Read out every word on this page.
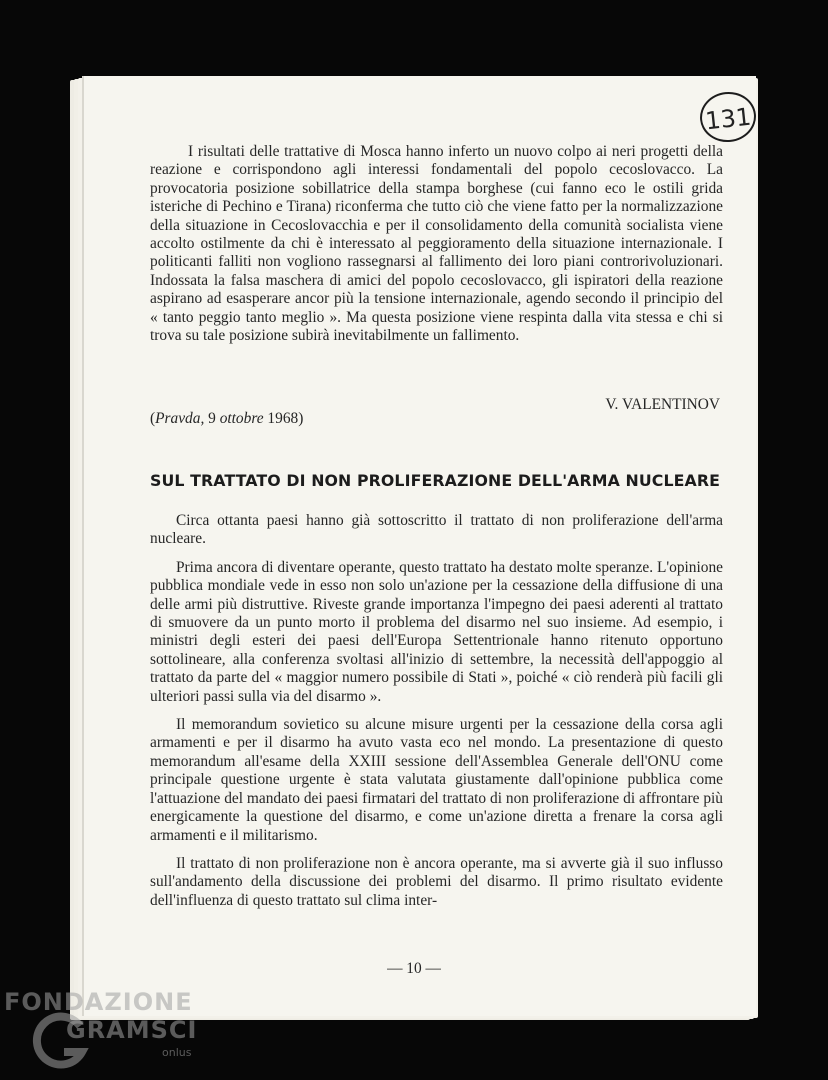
131

I risultati delle trattative di Mosca hanno inferto un nuovo colpo ai neri progetti della reazione e corrispondono agli interessi fondamentali del popolo cecoslovacco. La provocatoria posizione sobillatrice della stampa borghese (cui fanno eco le ostili grida isteriche di Pechino e Tirana) riconferma che tutto ciò che viene fatto per la normalizzazione della situazione in Cecoslovacchia e per il consolidamento della comunità socialista viene accolto ostilmente da chi è interessato al peggioramento della situazione internazionale. I politicanti falliti non vogliono rassegnarsi al fallimento dei loro piani controrivoluzionari. Indossata la falsa maschera di amici del popolo cecoslovacco, gli ispiratori della reazione aspirano ad esasperare ancor più la tensione internazionale, agendo secondo il principio del « tanto peggio tanto meglio ». Ma questa posizione viene respinta dalla vita stessa e chi si trova su tale posizione subirà inevitabilmente un fallimento.

V. VALENTINOV
(Pravda, 9 ottobre 1968)
SUL TRATTATO DI NON PROLIFERAZIONE DELL'ARMA NUCLEARE

Circa ottanta paesi hanno già sottoscritto il trattato di non proliferazione dell'arma nucleare.

Prima ancora di diventare operante, questo trattato ha destato molte speranze. L'opinione pubblica mondiale vede in esso non solo un'azione per la cessazione della diffusione di una delle armi più distruttive. Riveste grande importanza l'impegno dei paesi aderenti al trattato di smuovere da un punto morto il problema del disarmo nel suo insieme. Ad esempio, i ministri degli esteri dei paesi dell'Europa Settentrionale hanno ritenuto opportuno sottolineare, alla conferenza svoltasi all'inizio di settembre, la necessità dell'appoggio al trattato da parte del « maggior numero possibile di Stati », poiché « ciò renderà più facili gli ulteriori passi sulla via del disarmo ».

Il memorandum sovietico su alcune misure urgenti per la cessazione della corsa agli armamenti e per il disarmo ha avuto vasta eco nel mondo. La presentazione di questo memorandum all'esame della XXIII sessione dell'Assemblea Generale dell'ONU come principale questione urgente è stata valutata giustamente dall'opinione pubblica come l'attuazione del mandato dei paesi firmatari del trattato di non proliferazione di affrontare più energicamente la questione del disarmo, e come un'azione diretta a frenare la corsa agli armamenti e il militarismo.

Il trattato di non proliferazione non è ancora operante, ma si avverte già il suo influsso sull'andamento della discussione dei problemi del disarmo. Il primo risultato evidente dell'influenza di questo trattato sul clima inter-

— 10 —
FONDAZIONE
GRAMSCI
onlus
